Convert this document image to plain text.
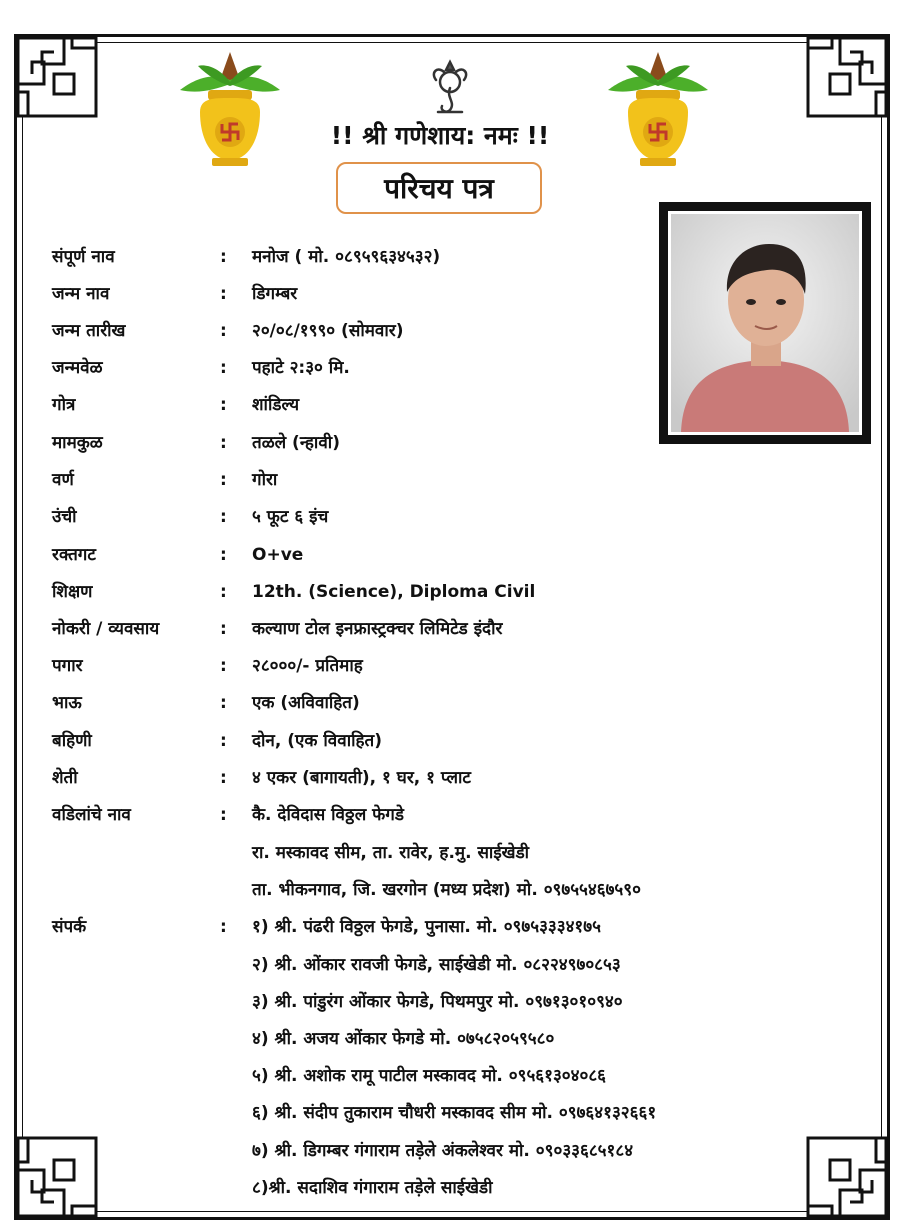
!! श्री गणेशाय: नमः !!
परिचय पत्र
संपूर्ण नाव	:	मनोज ( मो. ०८९५९६३४५३२)
जन्म नाव	:	डिगम्बर
जन्म तारीख	:	२०/०८/१९९० (सोमवार)
जन्मवेळ	:	पहाटे २:३० मि.
गोत्र	:	शांडिल्य
मामकुळ	:	तळले (न्हावी)
वर्ण	:	गोरा
उंची	:	५ फूट ६ इंच
रक्तगट	:	O+ve
शिक्षण	:	12th. (Science), Diploma Civil
नोकरी / व्यवसाय	:	कल्याण टोल इनफ्रास्ट्रक्चर लिमिटेड इंदौर
पगार	:	२८०००/- प्रतिमाह
भाऊ	:	एक (अविवाहित)
बहिणी	:	दोन, (एक विवाहित)
शेती	:	४ एकर (बागायती), १ घर, १ प्लाट
वडिलांचे नाव	:	कै. देविदास विठ्ठल फेगडे
रा. मस्कावद सीम, ता. रावेर, ह.मु. साईखेडी
ता. भीकनगाव, जि. खरगोन (मध्य प्रदेश) मो. ०९७५५४६७५९०
संपर्क	:	१) श्री. पंढरी विठ्ठल फेगडे, पुनासा. मो. ०९७५३३३४१७५
२) श्री. ओंकार रावजी फेगडे, साईखेडी मो. ०८२२४९७०८५३
३) श्री. पांडुरंग ओंकार फेगडे, पिथमपुर मो. ०९७१३०१०९४०
४) श्री. अजय ओंकार फेगडे मो. ०७५८२०५९५८०
५) श्री. अशोक रामू पाटील मस्कावद मो. ०९५६१३०४०८६
६) श्री. संदीप तुकाराम चौधरी मस्कावद सीम मो. ०९७६४१३२६६१
७) श्री. डिगम्बर गंगाराम तड़ेले अंकलेश्वर मो. ०९०३३६८५१८४
८)श्री. सदाशिव गंगाराम तड़ेले साईखेडी
